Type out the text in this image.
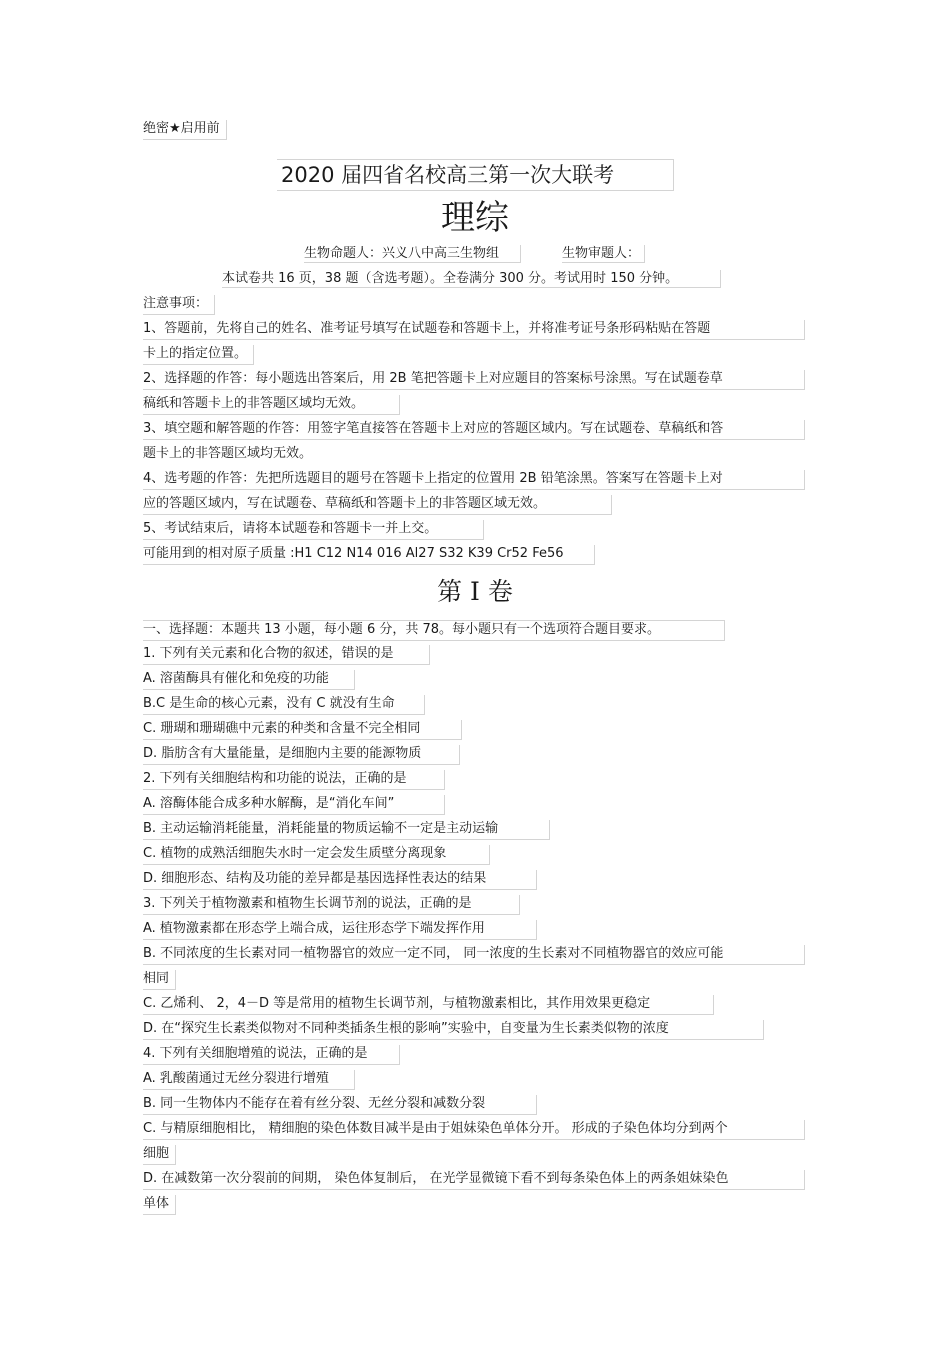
绝密★启用前
2020 届四省名校高三第一次大联考
理综
生物命题人：兴义八中高三生物组	生物审题人：
本试卷共 16 页，38 题（含选考题）。全卷满分 300 分。考试用时 150 分钟。
注意事项：
1、答题前，先将自己的姓名、准考证号填写在试题卷和答题卡上，并将准考证号条形码粘贴在答题
卡上的指定位置。
2、选择题的作答：每小题选出答案后，用 2B 笔把答题卡上对应题目的答案标号涂黑。写在试题卷草
稿纸和答题卡上的非答题区域均无效。
3、填空题和解答题的作答：用签字笔直接答在答题卡上对应的答题区域内。写在试题卷、草稿纸和答
题卡上的非答题区域均无效。
4、选考题的作答：先把所选题目的题号在答题卡上指定的位置用 2B 铅笔涂黑。答案写在答题卡上对
应的答题区域内，写在试题卷、草稿纸和答题卡上的非答题区域无效。
5、考试结束后，请将本试题卷和答题卡一并上交。
可能用到的相对原子质量 :H1 C12 N14 016 Al27 S32 K39 Cr52 Fe56
第 I 卷
一、选择题：本题共 13 小题，每小题 6 分，共 78。每小题只有一个选项符合题目要求。
1. 下列有关元素和化合物的叙述，错误的是
A. 溶菌酶具有催化和免疫的功能
B.C 是生命的核心元素，没有 C 就没有生命
C. 珊瑚和珊瑚礁中元素的种类和含量不完全相同
D. 脂肪含有大量能量，是细胞内主要的能源物质
2. 下列有关细胞结构和功能的说法，正确的是
A. 溶酶体能合成多种水解酶，是“消化车间”
B. 主动运输消耗能量，消耗能量的物质运输不一定是主动运输
C. 植物的成熟活细胞失水时一定会发生质壁分离现象
D. 细胞形态、结构及功能的差异都是基因选择性表达的结果
3. 下列关于植物激素和植物生长调节剂的说法，正确的是
A. 植物激素都在形态学上端合成，运往形态学下端发挥作用
B. 不同浓度的生长素对同一植物器官的效应一定不同， 同一浓度的生长素对不同植物器官的效应可能
相同
C. 乙烯利、 2，4－D 等是常用的植物生长调节剂，与植物激素相比，其作用效果更稳定
D. 在“探究生长素类似物对不同种类插条生根的影响”实验中，自变量为生长素类似物的浓度
4. 下列有关细胞增殖的说法，正确的是
A. 乳酸菌通过无丝分裂进行增殖
B. 同一生物体内不能存在着有丝分裂、无丝分裂和减数分裂
C. 与精原细胞相比， 精细胞的染色体数目减半是由于姐妹染色单体分开。 形成的子染色体均分到两个
细胞
D. 在减数第一次分裂前的间期， 染色体复制后， 在光学显微镜下看不到每条染色体上的两条姐妹染色
单体
